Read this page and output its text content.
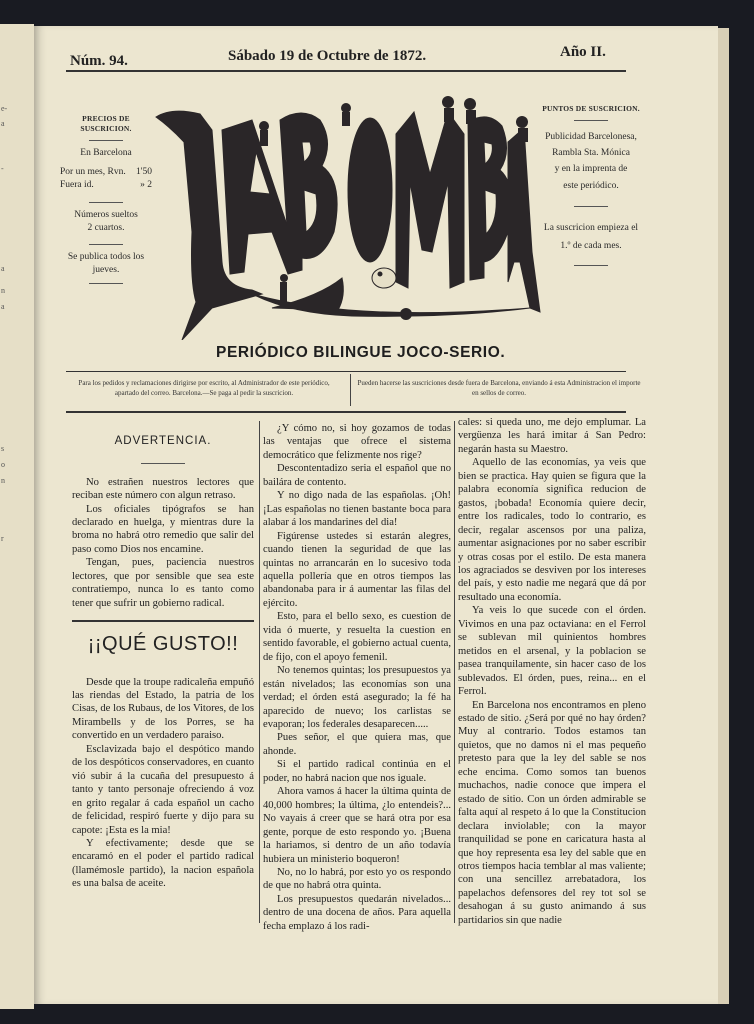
e-
a
-
a
n
a
s
o
n
r
Núm. 94.	Sábado 19 de Octubre de 1872.	Año II.
PRECIOS DE SUSCRICION.
En Barcelona
Por un mes, Rvn. 1'50
Fuera id.	» 2
Números sueltos
2 cuartos.
Se publica todos los
jueves.
PUNTOS DE SUSCRICION.
Publicidad Barcelonesa,
Rambla Sta. Mónica
y en la imprenta de
este periódico.
La suscricion empieza el
1.º de cada mes.
PERIÓDICO BILINGUE JOCO-SERIO.
Para los pedidos y reclamaciones dirigirse por escrito, al Administrador de este periódico, apartado del correo. Barcelona.—Se paga al pedir la suscricion.
Pueden hacerse las suscriciones desde fuera de Barcelona, enviando á esta Administracion el importe en sellos de correo.
ADVERTENCIA.

No estrañen nuestros lectores que reciban este número con algun retraso.

Los oficiales tipógrafos se han declarado en huelga, y mientras dure la broma no habrá otro remedio que salir del paso como Dios nos encamine.

Tengan, pues, paciencia nuestros lectores, que por sensible que sea este contratiempo, nunca lo es tanto como tener que sufrir un gobierno radical.

¡¡QUÉ GUSTO!!

Desde que la troupe radicaleña empuñó las riendas del Estado, la patria de los Cisas, de los Rubaus, de los Vitores, de los Mirambells y de los Porres, se ha convertido en un verdadero paraiso.

Esclavizada bajo el despótico mando de los despóticos conservadores, en cuanto vió subir á la cucaña del presupuesto á tanto y tanto personaje ofreciendo á voz en grito regalar á cada español un cacho de felicidad, respiró fuerte y dijo para su capote: ¡Esta es la mia!

Y efectivamente; desde que se encaramó en el poder el partido radical (llamémosle partido), la nacion española es una balsa de aceite.

¿Y cómo no, si hoy gozamos de todas las ventajas que ofrece el sistema democrático que felizmente nos rige?

Descontentadizo seria el español que no bailára de contento.

Y no digo nada de las españolas. ¡Oh! ¡Las españolas no tienen bastante boca para alabar á los mandarines del dia!

Figúrense ustedes si estarán alegres, cuando tienen la seguridad de que las quintas no arrancarán en lo sucesivo toda aquella pollería que en otros tiempos las abandonaba para ir á aumentar las filas del ejército.

Esto, para el bello sexo, es cuestion de vida ó muerte, y resuelta la cuestion en sentido favorable, el gobierno actual cuenta, de fijo, con el apoyo femenil.

No tenemos quintas; los presupuestos ya están nivelados; las economías son una verdad; el órden está asegurado; la fé ha aparecido de nuevo; los carlistas se evaporan; los federales desaparecen.....

Pues señor, el que quiera mas, que ahonde.

Si el partido radical continúa en el poder, no habrá nacion que nos iguale.

Ahora vamos á hacer la última quinta de 40,000 hombres; la última, ¿lo entendeis?... No vayais á creer que se hará otra por esa gente, porque de esto respondo yo. ¡Buena la hariamos, si dentro de un año todavía hubiera un ministerio boqueron!

No, no lo habrá, por esto yo os respondo de que no habrá otra quinta.

Los presupuestos quedarán nivelados... dentro de una docena de años. Para aquella fecha emplazo á los radi-

cales: si queda uno, me dejo emplumar. La vergüenza les hará imitar á San Pedro: negarán hasta su Maestro.

Aquello de las economías, ya veis que bien se practica. Hay quien se figura que la palabra economía significa reducion de gastos, ¡bobada! Economía quiere decir, entre los radicales, todo lo contrario, es decir, regalar ascensos por una paliza, aumentar asignaciones por no saber escribir y otras cosas por el estilo. De esta manera los agraciados se desviven por los intereses del país, y esto nadie me negará que dá por resultado una economía.

Ya veis lo que sucede con el órden. Vivimos en una paz octaviana: en el Ferrol se sublevan mil quinientos hombres metidos en el arsenal, y la poblacion se pasea tranquilamente, sin hacer caso de los sublevados. El órden, pues, reina... en el Ferrol.

En Barcelona nos encontramos en pleno estado de sitio. ¿Será por qué no hay órden? Muy al contrario. Todos estamos tan quietos, que no damos ni el mas pequeño pretesto para que la ley del sable se nos eche encima. Como somos tan buenos muchachos, nadie conoce que impera el estado de sitio. Con un órden admirable se falta aquí al respeto á lo que la Constitucion declara inviolable; con la mayor tranquilidad se pone en caricatura hasta al que hoy representa esa ley del sable que en otros tiempos hacia temblar al mas valiente; con una sencillez arrebatadora, los papelachos defensores del rey tot sol se desahogan á su gusto animando á sus partidarios sin que nadie
